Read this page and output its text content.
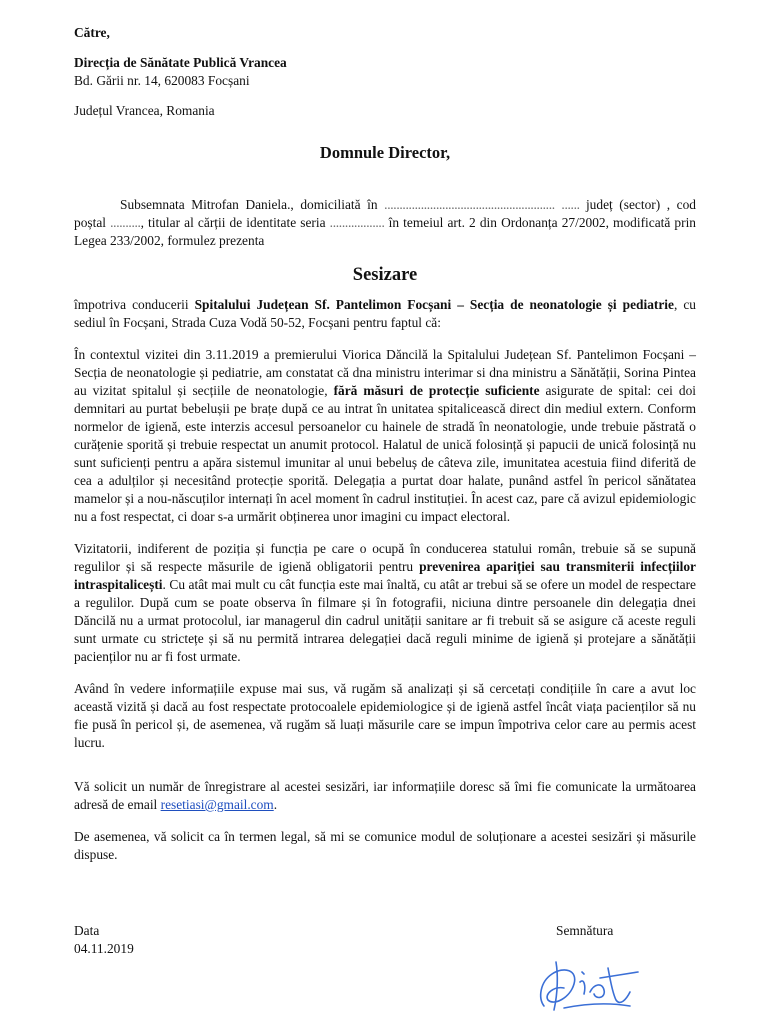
Către,

Direcția de Sănătate Publică Vrancea

Bd. Gării nr. 14, 620083 Focșani

Județul Vrancea, Romania

Domnule Director,

Subsemnata Mitrofan Daniela., domiciliată în ........................................................ ...... județ (sector) , cod poștal .........., titular al cărții de identitate seria .................. în temeiul art. 2 din Ordonanța 27/2002, modificată prin Legea 233/2002, formulez prezenta

Sesizare

împotriva conducerii Spitalului Județean Sf. Pantelimon Focșani – Secția de neonatologie și pediatrie, cu sediul în Focșani, Strada Cuza Vodă 50-52, Focșani pentru faptul că:

În contextul vizitei din 3.11.2019 a premierului Viorica Dăncilă la Spitalului Județean Sf. Pantelimon Focșani – Secția de neonatologie și pediatrie, am constatat că dna ministru interimar si dna ministru a Sănătății, Sorina Pintea au vizitat spitalul și secțiile de neonatologie, fără măsuri de protecție suficiente asigurate de spital: cei doi demnitari au purtat bebelușii pe brațe după ce au intrat în unitatea spitalicească direct din mediul extern. Conform normelor de igienă, este interzis accesul persoanelor cu hainele de stradă în neonatologie, unde trebuie păstrată o curățenie sporită și trebuie respectat un anumit protocol. Halatul de unică folosință și papucii de unică folosință nu sunt suficienți pentru a apăra sistemul imunitar al unui bebeluș de câteva zile, imunitatea acestuia fiind diferită de cea a adulților și necesitând protecție sporită. Delegația a purtat doar halate, punând astfel în pericol sănătatea mamelor și a nou-născuților internați în acel moment în cadrul instituției. În acest caz, pare că avizul epidemiologic nu a fost respectat, ci doar s-a urmărit obținerea unor imagini cu impact electoral.

Vizitatorii, indiferent de poziția și funcția pe care o ocupă în conducerea statului român, trebuie să se supună regulilor și să respecte măsurile de igienă obligatorii pentru prevenirea apariției sau transmiterii infecțiilor intraspitalicești. Cu atât mai mult cu cât funcția este mai înaltă, cu atât ar trebui să se ofere un model de respectare a regulilor. După cum se poate observa în filmare și în fotografii, niciuna dintre persoanele din delegația dnei Dăncilă nu a urmat protocolul, iar managerul din cadrul unității sanitare ar fi trebuit să se asigure că aceste reguli sunt urmate cu strictețe și să nu permită intrarea delegației dacă reguli minime de igienă și protejare a sănătății pacienților nu ar fi fost urmate.

Având în vedere informațiile expuse mai sus, vă rugăm să analizați și să cercetați condițiile în care a avut loc această vizită și dacă au fost respectate protocoalele epidemiologice și de igienă astfel încât viața pacienților să nu fie pusă în pericol și, de asemenea, vă rugăm să luați măsurile care se impun împotriva celor care au permis acest lucru.

Vă solicit un număr de înregistrare al acestei sesizări, iar informațiile doresc să îmi fie comunicate la următoarea adresă de email resetiasi@gmail.com.

De asemenea, vă solicit ca în termen legal, să mi se comunice modul de soluționare a acestei sesizări și măsurile dispuse.

Data

04.11.2019

Semnătura
